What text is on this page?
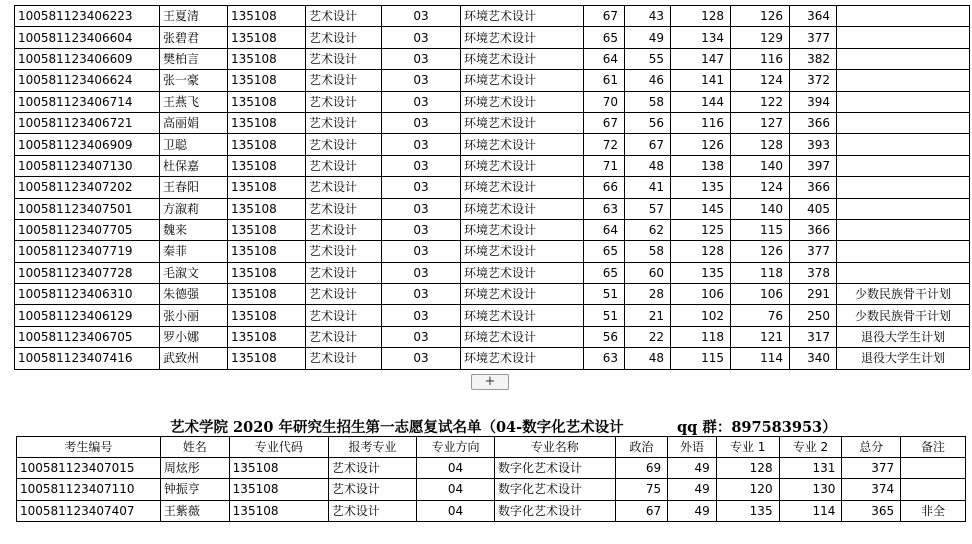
100581123406223	王夏清	135108	艺术设计	03	环境艺术设计	67	43	128	126	364	
100581123406604	张碧君	135108	艺术设计	03	环境艺术设计	65	49	134	129	377	
100581123406609	樊柏言	135108	艺术设计	03	环境艺术设计	64	55	147	116	382	
100581123406624	张一豪	135108	艺术设计	03	环境艺术设计	61	46	141	124	372	
100581123406714	王燕飞	135108	艺术设计	03	环境艺术设计	70	58	144	122	394	
100581123406721	高丽娟	135108	艺术设计	03	环境艺术设计	67	56	116	127	366	
100581123406909	卫聪	135108	艺术设计	03	环境艺术设计	72	67	126	128	393	
100581123407130	杜保嘉	135108	艺术设计	03	环境艺术设计	71	48	138	140	397	
100581123407202	王春阳	135108	艺术设计	03	环境艺术设计	66	41	135	124	366	
100581123407501	方溆莉	135108	艺术设计	03	环境艺术设计	63	57	145	140	405	
100581123407705	魏来	135108	艺术设计	03	环境艺术设计	64	62	125	115	366	
100581123407719	秦菲	135108	艺术设计	03	环境艺术设计	65	58	128	126	377	
100581123407728	毛溆文	135108	艺术设计	03	环境艺术设计	65	60	135	118	378	
100581123406310	朱德强	135108	艺术设计	03	环境艺术设计	51	28	106	106	291	少数民族骨干计划
100581123406129	张小丽	135108	艺术设计	03	环境艺术设计	51	21	102	76	250	少数民族骨干计划
100581123406705	罗小娜	135108	艺术设计	03	环境艺术设计	56	22	118	121	317	退役大学生计划
100581123407416	武致州	135108	艺术设计	03	环境艺术设计	63	48	115	114	340	退役大学生计划
+
艺术学院 2020 年研究生招生第一志愿复试名单（04-数字化艺术设计	qq 群：897583953）
考生编号	姓名	专业代码	报考专业	专业方向	专业名称	政治	外语	专业 1	专业 2	总分	备注
100581123407015	周炫彤	135108	艺术设计	04	数字化艺术设计	69	49	128	131	377	
100581123407110	钟振亨	135108	艺术设计	04	数字化艺术设计	75	49	120	130	374	
100581123407407	王紫薇	135108	艺术设计	04	数字化艺术设计	67	49	135	114	365	非全
